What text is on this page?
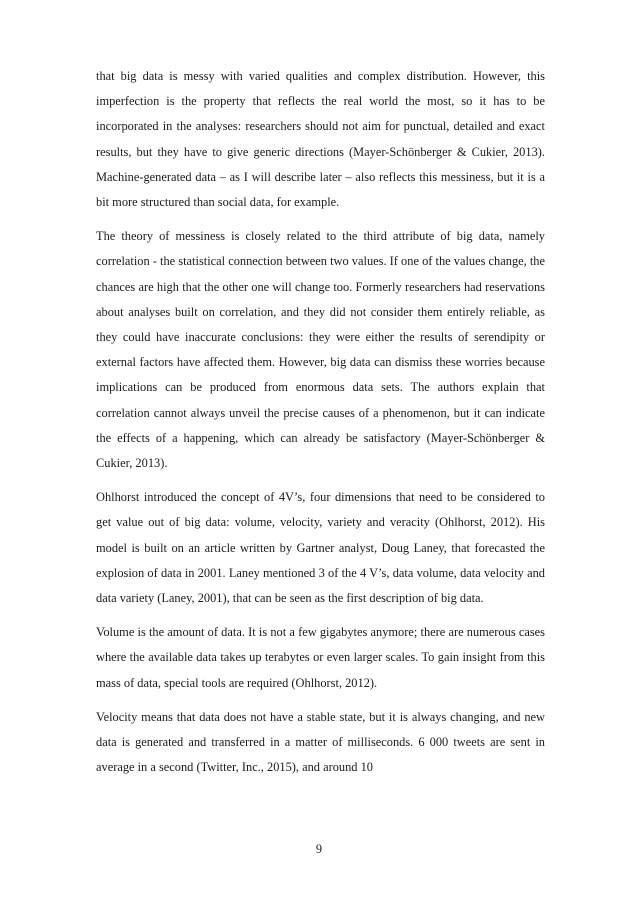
that big data is messy with varied qualities and complex distribution. However, this imperfection is the property that reflects the real world the most, so it has to be incorporated in the analyses: researchers should not aim for punctual, detailed and exact results, but they have to give generic directions (Mayer-Schönberger & Cukier, 2013). Machine-generated data – as I will describe later – also reflects this messiness, but it is a bit more structured than social data, for example.

The theory of messiness is closely related to the third attribute of big data, namely correlation - the statistical connection between two values. If one of the values change, the chances are high that the other one will change too. Formerly researchers had reservations about analyses built on correlation, and they did not consider them entirely reliable, as they could have inaccurate conclusions: they were either the results of serendipity or external factors have affected them. However, big data can dismiss these worries because implications can be produced from enormous data sets. The authors explain that correlation cannot always unveil the precise causes of a phenomenon, but it can indicate the effects of a happening, which can already be satisfactory (Mayer-Schönberger & Cukier, 2013).

Ohlhorst introduced the concept of 4V’s, four dimensions that need to be considered to get value out of big data: volume, velocity, variety and veracity (Ohlhorst, 2012). His model is built on an article written by Gartner analyst, Doug Laney, that forecasted the explosion of data in 2001. Laney mentioned 3 of the 4 V’s, data volume, data velocity and data variety (Laney, 2001), that can be seen as the first description of big data.

Volume is the amount of data. It is not a few gigabytes anymore; there are numerous cases where the available data takes up terabytes or even larger scales. To gain insight from this mass of data, special tools are required (Ohlhorst, 2012).

Velocity means that data does not have a stable state, but it is always changing, and new data is generated and transferred in a matter of milliseconds. 6 000 tweets are sent in average in a second (Twitter, Inc., 2015), and around 10

9
